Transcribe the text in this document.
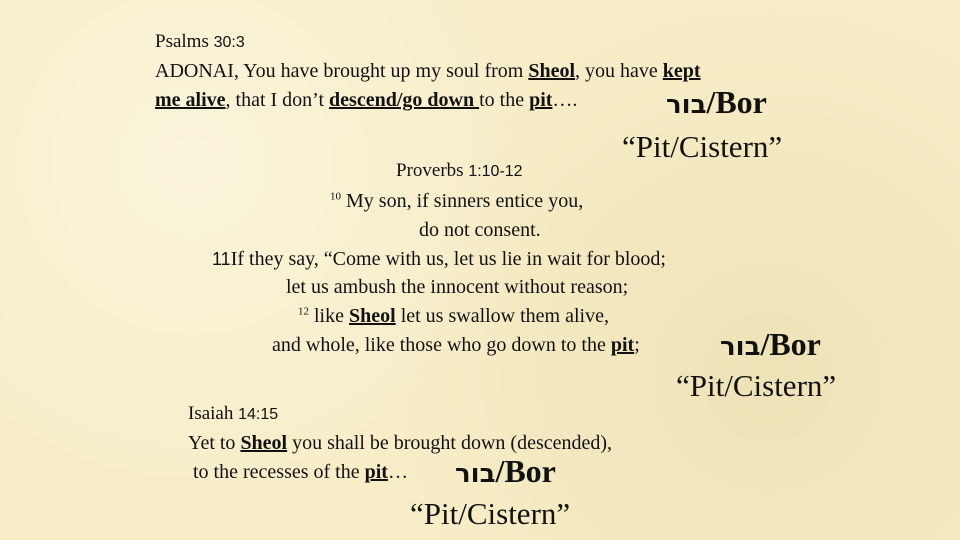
Psalms 30:3
ADONAI, You have brought up my soul from Sheol, you have kept
me alive, that I don’t descend/go down to the pit….	בור/Bor
“Pit/Cistern”
Proverbs 1:10-12
$^{10}$ My son, if sinners entice you,
do not consent.
11If they say, “Come with us, let us lie in wait for blood;
let us ambush the innocent without reason;
$^{12}$ like Sheol let us swallow them alive,
and whole, like those who go down to the pit;	בור/Bor
“Pit/Cistern”
Isaiah 14:15
Yet to Sheol you shall be brought down (descended),
to the recesses of the pit… בור/Bor
“Pit/Cistern”
